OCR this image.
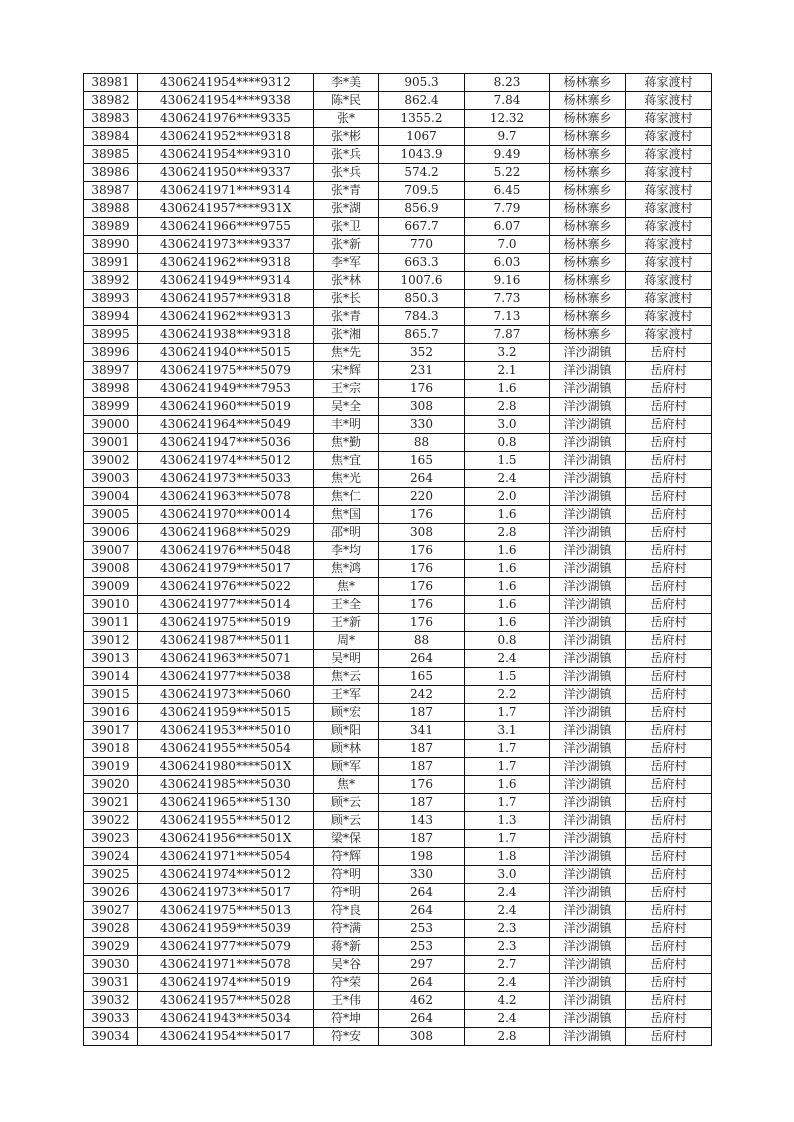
38981	4306241954****9312	李*美	905.3	8.23	杨林寨乡	蒋家渡村
38982	4306241954****9338	陈*民	862.4	7.84	杨林寨乡	蒋家渡村
38983	4306241976****9335	张*	1355.2	12.32	杨林寨乡	蒋家渡村
38984	4306241952****9318	张*彬	1067	9.7	杨林寨乡	蒋家渡村
38985	4306241954****9310	张*兵	1043.9	9.49	杨林寨乡	蒋家渡村
38986	4306241950****9337	张*兵	574.2	5.22	杨林寨乡	蒋家渡村
38987	4306241971****9314	张*青	709.5	6.45	杨林寨乡	蒋家渡村
38988	4306241957****931X	张*湖	856.9	7.79	杨林寨乡	蒋家渡村
38989	4306241966****9755	张*卫	667.7	6.07	杨林寨乡	蒋家渡村
38990	4306241973****9337	张*新	770	7.0	杨林寨乡	蒋家渡村
38991	4306241962****9318	李*军	663.3	6.03	杨林寨乡	蒋家渡村
38992	4306241949****9314	张*林	1007.6	9.16	杨林寨乡	蒋家渡村
38993	4306241957****9318	张*长	850.3	7.73	杨林寨乡	蒋家渡村
38994	4306241962****9313	张*青	784.3	7.13	杨林寨乡	蒋家渡村
38995	4306241938****9318	张*湘	865.7	7.87	杨林寨乡	蒋家渡村
38996	4306241940****5015	焦*先	352	3.2	洋沙湖镇	岳府村
38997	4306241975****5079	宋*辉	231	2.1	洋沙湖镇	岳府村
38998	4306241949****7953	王*宗	176	1.6	洋沙湖镇	岳府村
38999	4306241960****5019	吴*全	308	2.8	洋沙湖镇	岳府村
39000	4306241964****5049	丰*明	330	3.0	洋沙湖镇	岳府村
39001	4306241947****5036	焦*勤	88	0.8	洋沙湖镇	岳府村
39002	4306241974****5012	焦*宜	165	1.5	洋沙湖镇	岳府村
39003	4306241973****5033	焦*光	264	2.4	洋沙湖镇	岳府村
39004	4306241963****5078	焦*仁	220	2.0	洋沙湖镇	岳府村
39005	4306241970****0014	焦*国	176	1.6	洋沙湖镇	岳府村
39006	4306241968****5029	邵*明	308	2.8	洋沙湖镇	岳府村
39007	4306241976****5048	李*均	176	1.6	洋沙湖镇	岳府村
39008	4306241979****5017	焦*鸿	176	1.6	洋沙湖镇	岳府村
39009	4306241976****5022	焦*	176	1.6	洋沙湖镇	岳府村
39010	4306241977****5014	王*全	176	1.6	洋沙湖镇	岳府村
39011	4306241975****5019	王*新	176	1.6	洋沙湖镇	岳府村
39012	4306241987****5011	周*	88	0.8	洋沙湖镇	岳府村
39013	4306241963****5071	吴*明	264	2.4	洋沙湖镇	岳府村
39014	4306241977****5038	焦*云	165	1.5	洋沙湖镇	岳府村
39015	4306241973****5060	王*军	242	2.2	洋沙湖镇	岳府村
39016	4306241959****5015	顾*宏	187	1.7	洋沙湖镇	岳府村
39017	4306241953****5010	顾*阳	341	3.1	洋沙湖镇	岳府村
39018	4306241955****5054	顾*林	187	1.7	洋沙湖镇	岳府村
39019	4306241980****501X	顾*军	187	1.7	洋沙湖镇	岳府村
39020	4306241985****5030	焦*	176	1.6	洋沙湖镇	岳府村
39021	4306241965****5130	顾*云	187	1.7	洋沙湖镇	岳府村
39022	4306241955****5012	顾*云	143	1.3	洋沙湖镇	岳府村
39023	4306241956****501X	梁*保	187	1.7	洋沙湖镇	岳府村
39024	4306241971****5054	符*辉	198	1.8	洋沙湖镇	岳府村
39025	4306241974****5012	符*明	330	3.0	洋沙湖镇	岳府村
39026	4306241973****5017	符*明	264	2.4	洋沙湖镇	岳府村
39027	4306241975****5013	符*良	264	2.4	洋沙湖镇	岳府村
39028	4306241959****5039	符*满	253	2.3	洋沙湖镇	岳府村
39029	4306241977****5079	蒋*新	253	2.3	洋沙湖镇	岳府村
39030	4306241971****5078	吴*谷	297	2.7	洋沙湖镇	岳府村
39031	4306241974****5019	符*荣	264	2.4	洋沙湖镇	岳府村
39032	4306241957****5028	王*伟	462	4.2	洋沙湖镇	岳府村
39033	4306241943****5034	符*坤	264	2.4	洋沙湖镇	岳府村
39034	4306241954****5017	符*安	308	2.8	洋沙湖镇	岳府村
